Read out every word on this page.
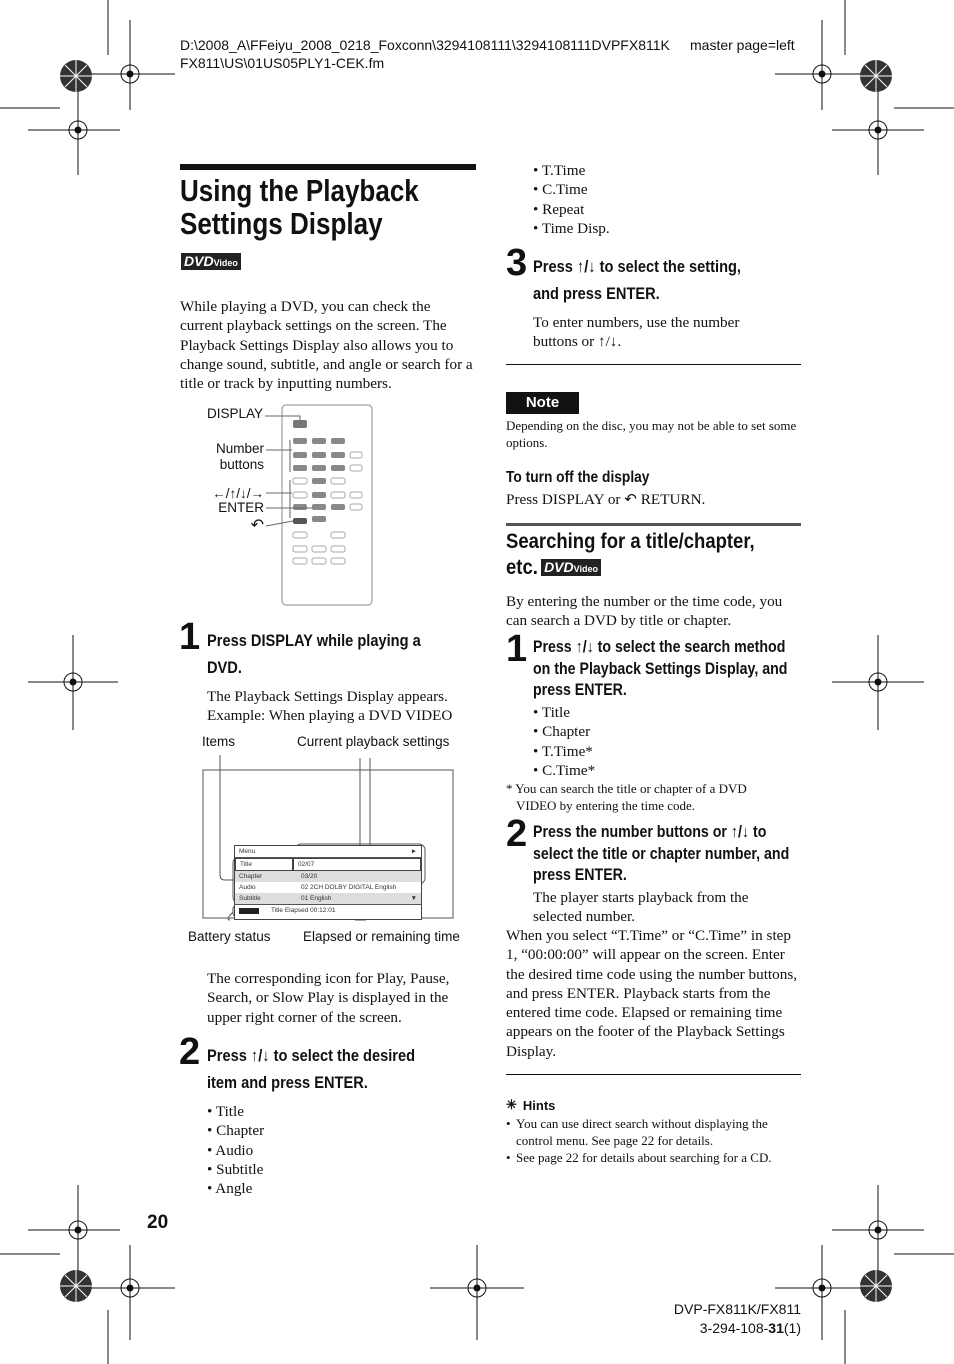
D:\2008_A\FFeiyu_2008_0218_Foxconn\3294108111\3294108111DVPFX811K
FX811\US\01US05PLY1-CEK.fm
master page=left
Using the Playback
Settings Display
DVDVideo
While playing a DVD, you can check the current playback settings on the screen. The Playback Settings Display also allows you to change sound, subtitle, and angle or search for a title or track by inputting numbers.
DISPLAY
Number
buttons
←/↑/↓/→
ENTER
↶
1 Press DISPLAY while playing a
DVD.
The Playback Settings Display appears.
Example: When playing a DVD VIDEO
Items	Current playback settings
Menu	►
Title	02/07
Chapter	03/20
Audio	02 2CH DOLBY DIGITAL English
Subtitle	01 English	▼
Title Elapsed 00:12:01
Battery status Elapsed or remaining time
The corresponding icon for Play, Pause, Search, or Slow Play is displayed in the upper right corner of the screen.
2 Press ↑/↓ to select the desired
item and press ENTER.
• Title
• Chapter
• Audio
• Subtitle
• Angle
20
• T.Time
• C.Time
• Repeat
• Time Disp.
3 Press ↑/↓ to select the setting,
and press ENTER.
To enter numbers, use the number
buttons or ↑/↓.
Note
Depending on the disc, you may not be able to set some options.
To turn off the display
Press DISPLAY or ↶ RETURN.
Searching for a title/chapter,
etc. DVDVideo
By entering the number or the time code, you can search a DVD by title or chapter.
1 Press ↑/↓ to select the search method
on the Playback Settings Display, and
press ENTER.
• Title
• Chapter
• T.Time*
• C.Time*
* You can search the title or chapter of a DVD
VIDEO by entering the time code.
2 Press the number buttons or ↑/↓ to
select the title or chapter number, and
press ENTER.
The player starts playback from the
selected number.
When you select “T.Time” or “C.Time” in step 1, “00:00:00” will appear on the screen. Enter the desired time code using the number buttons, and press ENTER. Playback starts from the entered time code. Elapsed or remaining time appears on the footer of the Playback Settings Display.
✳ Hints
• You can use direct search without displaying the control menu. See page 22 for details.
• See page 22 for details about searching for a CD.
DVP-FX811K/FX811
3-294-108-31(1)
